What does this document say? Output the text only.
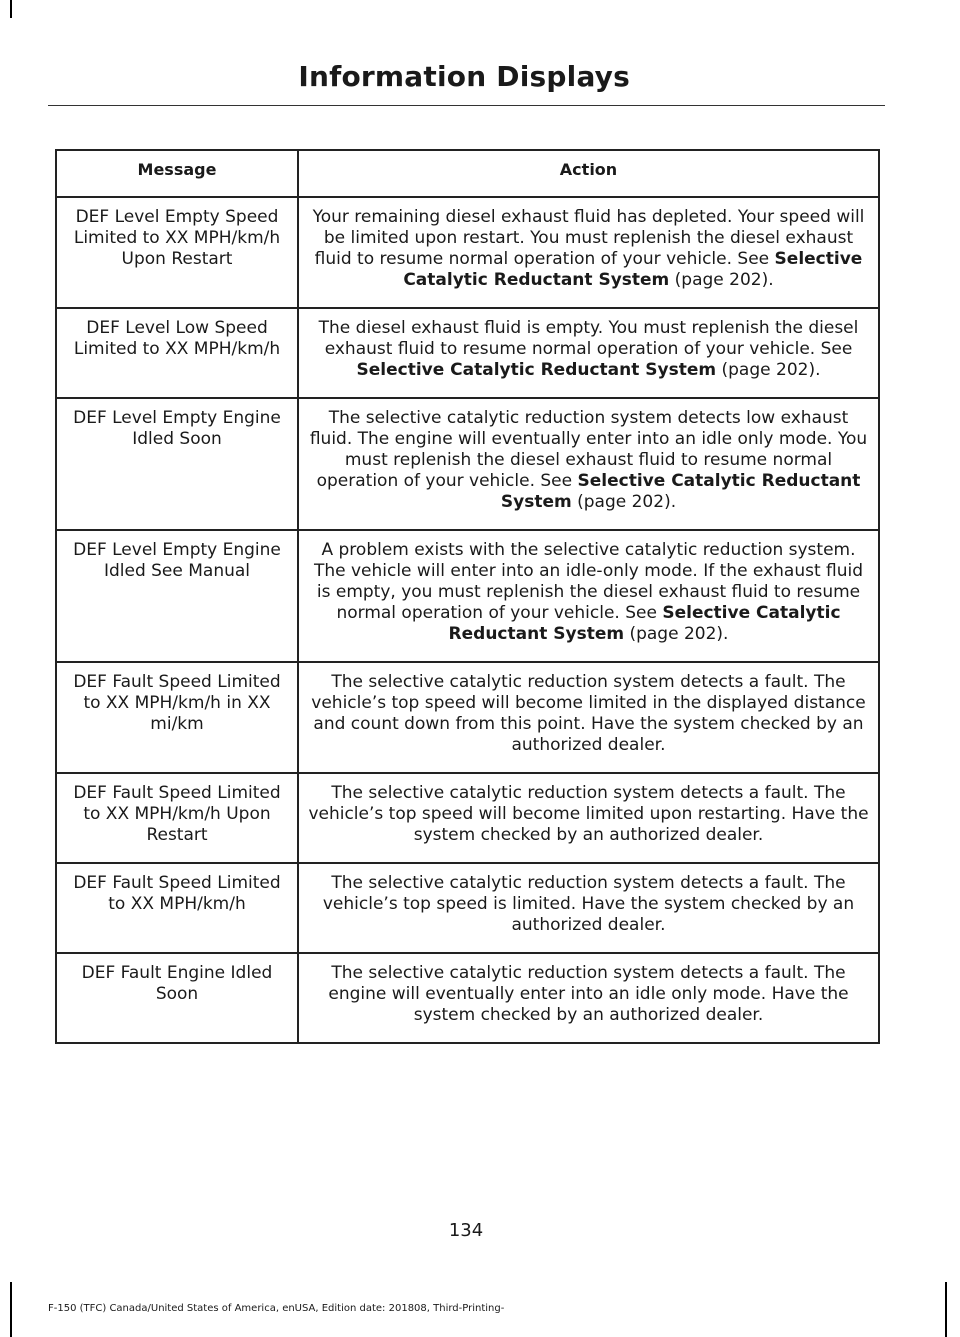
Information Displays
Message	Action
DEF Level Empty Speed Limited to XX MPH/km/h Upon Restart	Your remaining diesel exhaust fluid has depleted. Your speed will be limited upon restart. You must replenish the diesel exhaust fluid to resume normal operation of your vehicle. See Selective Catalytic Reductant System (page 202).
DEF Level Low Speed Limited to XX MPH/km/h	The diesel exhaust fluid is empty. You must replenish the diesel exhaust fluid to resume normal operation of your vehicle. See Selective Catalytic Reductant System (page 202).
DEF Level Empty Engine Idled Soon	The selective catalytic reduction system detects low exhaust fluid. The engine will eventually enter into an idle only mode. You must replenish the diesel exhaust fluid to resume normal operation of your vehicle. See Selective Catalytic Reductant System (page 202).
DEF Level Empty Engine Idled See Manual	A problem exists with the selective catalytic reduction system. The vehicle will enter into an idle-only mode. If the exhaust fluid is empty, you must replenish the diesel exhaust fluid to resume normal operation of your vehicle. See Selective Catalytic Reductant System (page 202).
DEF Fault Speed Limited to XX MPH/km/h in XX mi/km	The selective catalytic reduction system detects a fault. The vehicle’s top speed will become limited in the displayed distance and count down from this point. Have the system checked by an authorized dealer.
DEF Fault Speed Limited to XX MPH/km/h Upon Restart	The selective catalytic reduction system detects a fault. The vehicle’s top speed will become limited upon restarting. Have the system checked by an authorized dealer.
DEF Fault Speed Limited to XX MPH/km/h	The selective catalytic reduction system detects a fault. The vehicle’s top speed is limited. Have the system checked by an authorized dealer.
DEF Fault Engine Idled Soon	The selective catalytic reduction system detects a fault. The engine will eventually enter into an idle only mode. Have the system checked by an authorized dealer.
134
F-150 (TFC) Canada/United States of America, enUSA, Edition date: 201808, Third-Printing-
